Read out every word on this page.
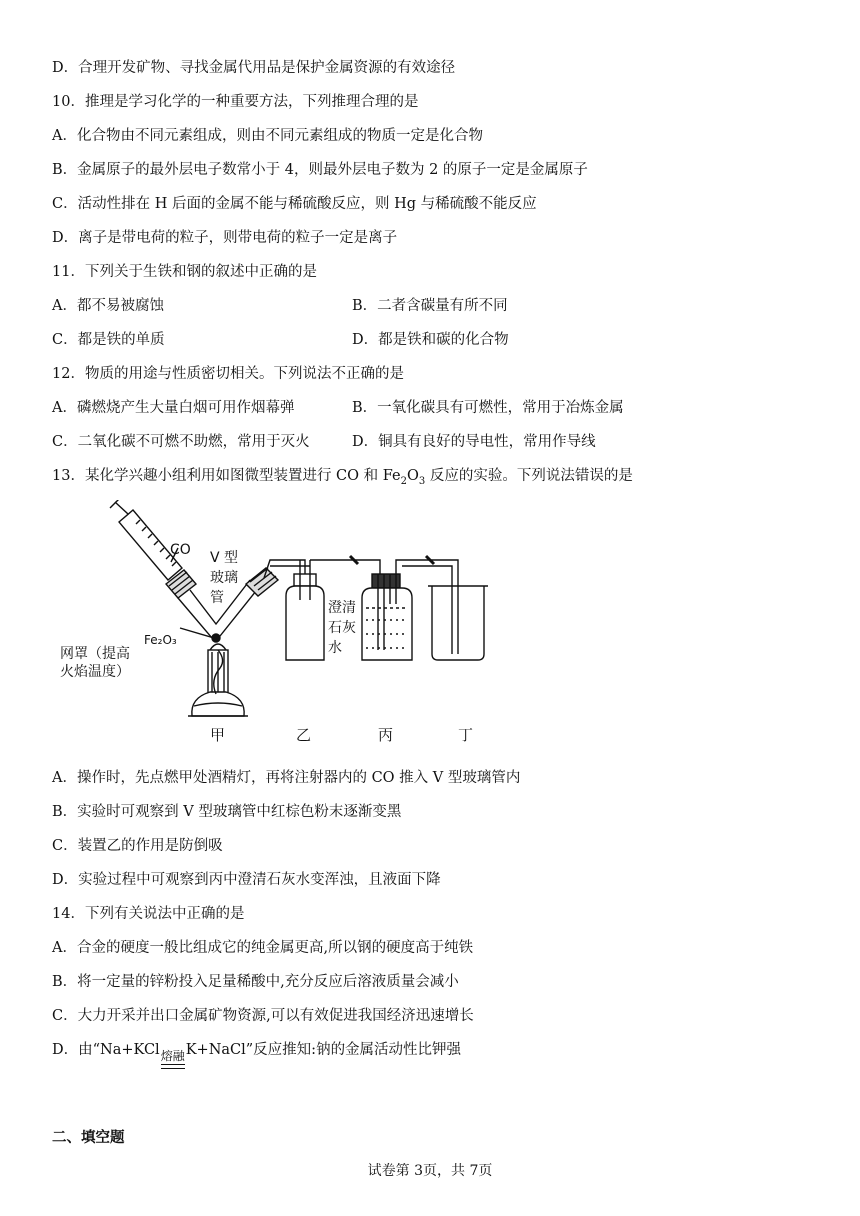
D．合理开发矿物、寻找金属代用品是保护金属资源的有效途径
10．推理是学习化学的一种重要方法，下列推理合理的是
A．化合物由不同元素组成，则由不同元素组成的物质一定是化合物
B．金属原子的最外层电子数常小于 4，则最外层电子数为 2 的原子一定是金属原子
C．活动性排在 H 后面的金属不能与稀硫酸反应，则 Hg 与稀硫酸不能反应
D．离子是带电荷的粒子，则带电荷的粒子一定是离子
11．下列关于生铁和钢的叙述中正确的是
A．都不易被腐蚀	B．二者含碳量有所不同
C．都是铁的单质	D．都是铁和碳的化合物
12．物质的用途与性质密切相关。下列说法不正确的是
A．磷燃烧产生大量白烟可用作烟幕弹	B．一氧化碳具有可燃性，常用于冶炼金属
C．二氧化碳不可燃不助燃，常用于灭火	D．铜具有良好的导电性，常用作导线
13．某化学兴趣小组利用如图微型装置进行 CO 和 $Fe_2O_3$ 反应的实验。下列说法错误的是
CO V 型
玻璃
管
Fe₂O₃
网罩（提高
火焰温度）
澄清
石灰
水
甲	乙	丙	丁
A．操作时，先点燃甲处酒精灯，再将注射器内的 CO 推入 V 型玻璃管内
B．实验时可观察到 V 型玻璃管中红棕色粉末逐渐变黑
C．装置乙的作用是防倒吸
D．实验过程中可观察到丙中澄清石灰水变浑浊，且液面下降
14．下列有关说法中正确的是
A．合金的硬度一般比组成它的纯金属更高,所以钢的硬度高于纯铁
B．将一定量的锌粉投入足量稀酸中,充分反应后溶液质量会减小
C．大力开采并出口金属矿物资源,可以有效促进我国经济迅速增长
D．由“Na+KCl 熔融 K+NaCl”反应推知:钠的金属活动性比钾强
二、填空题
试卷第 3页，共 7页
